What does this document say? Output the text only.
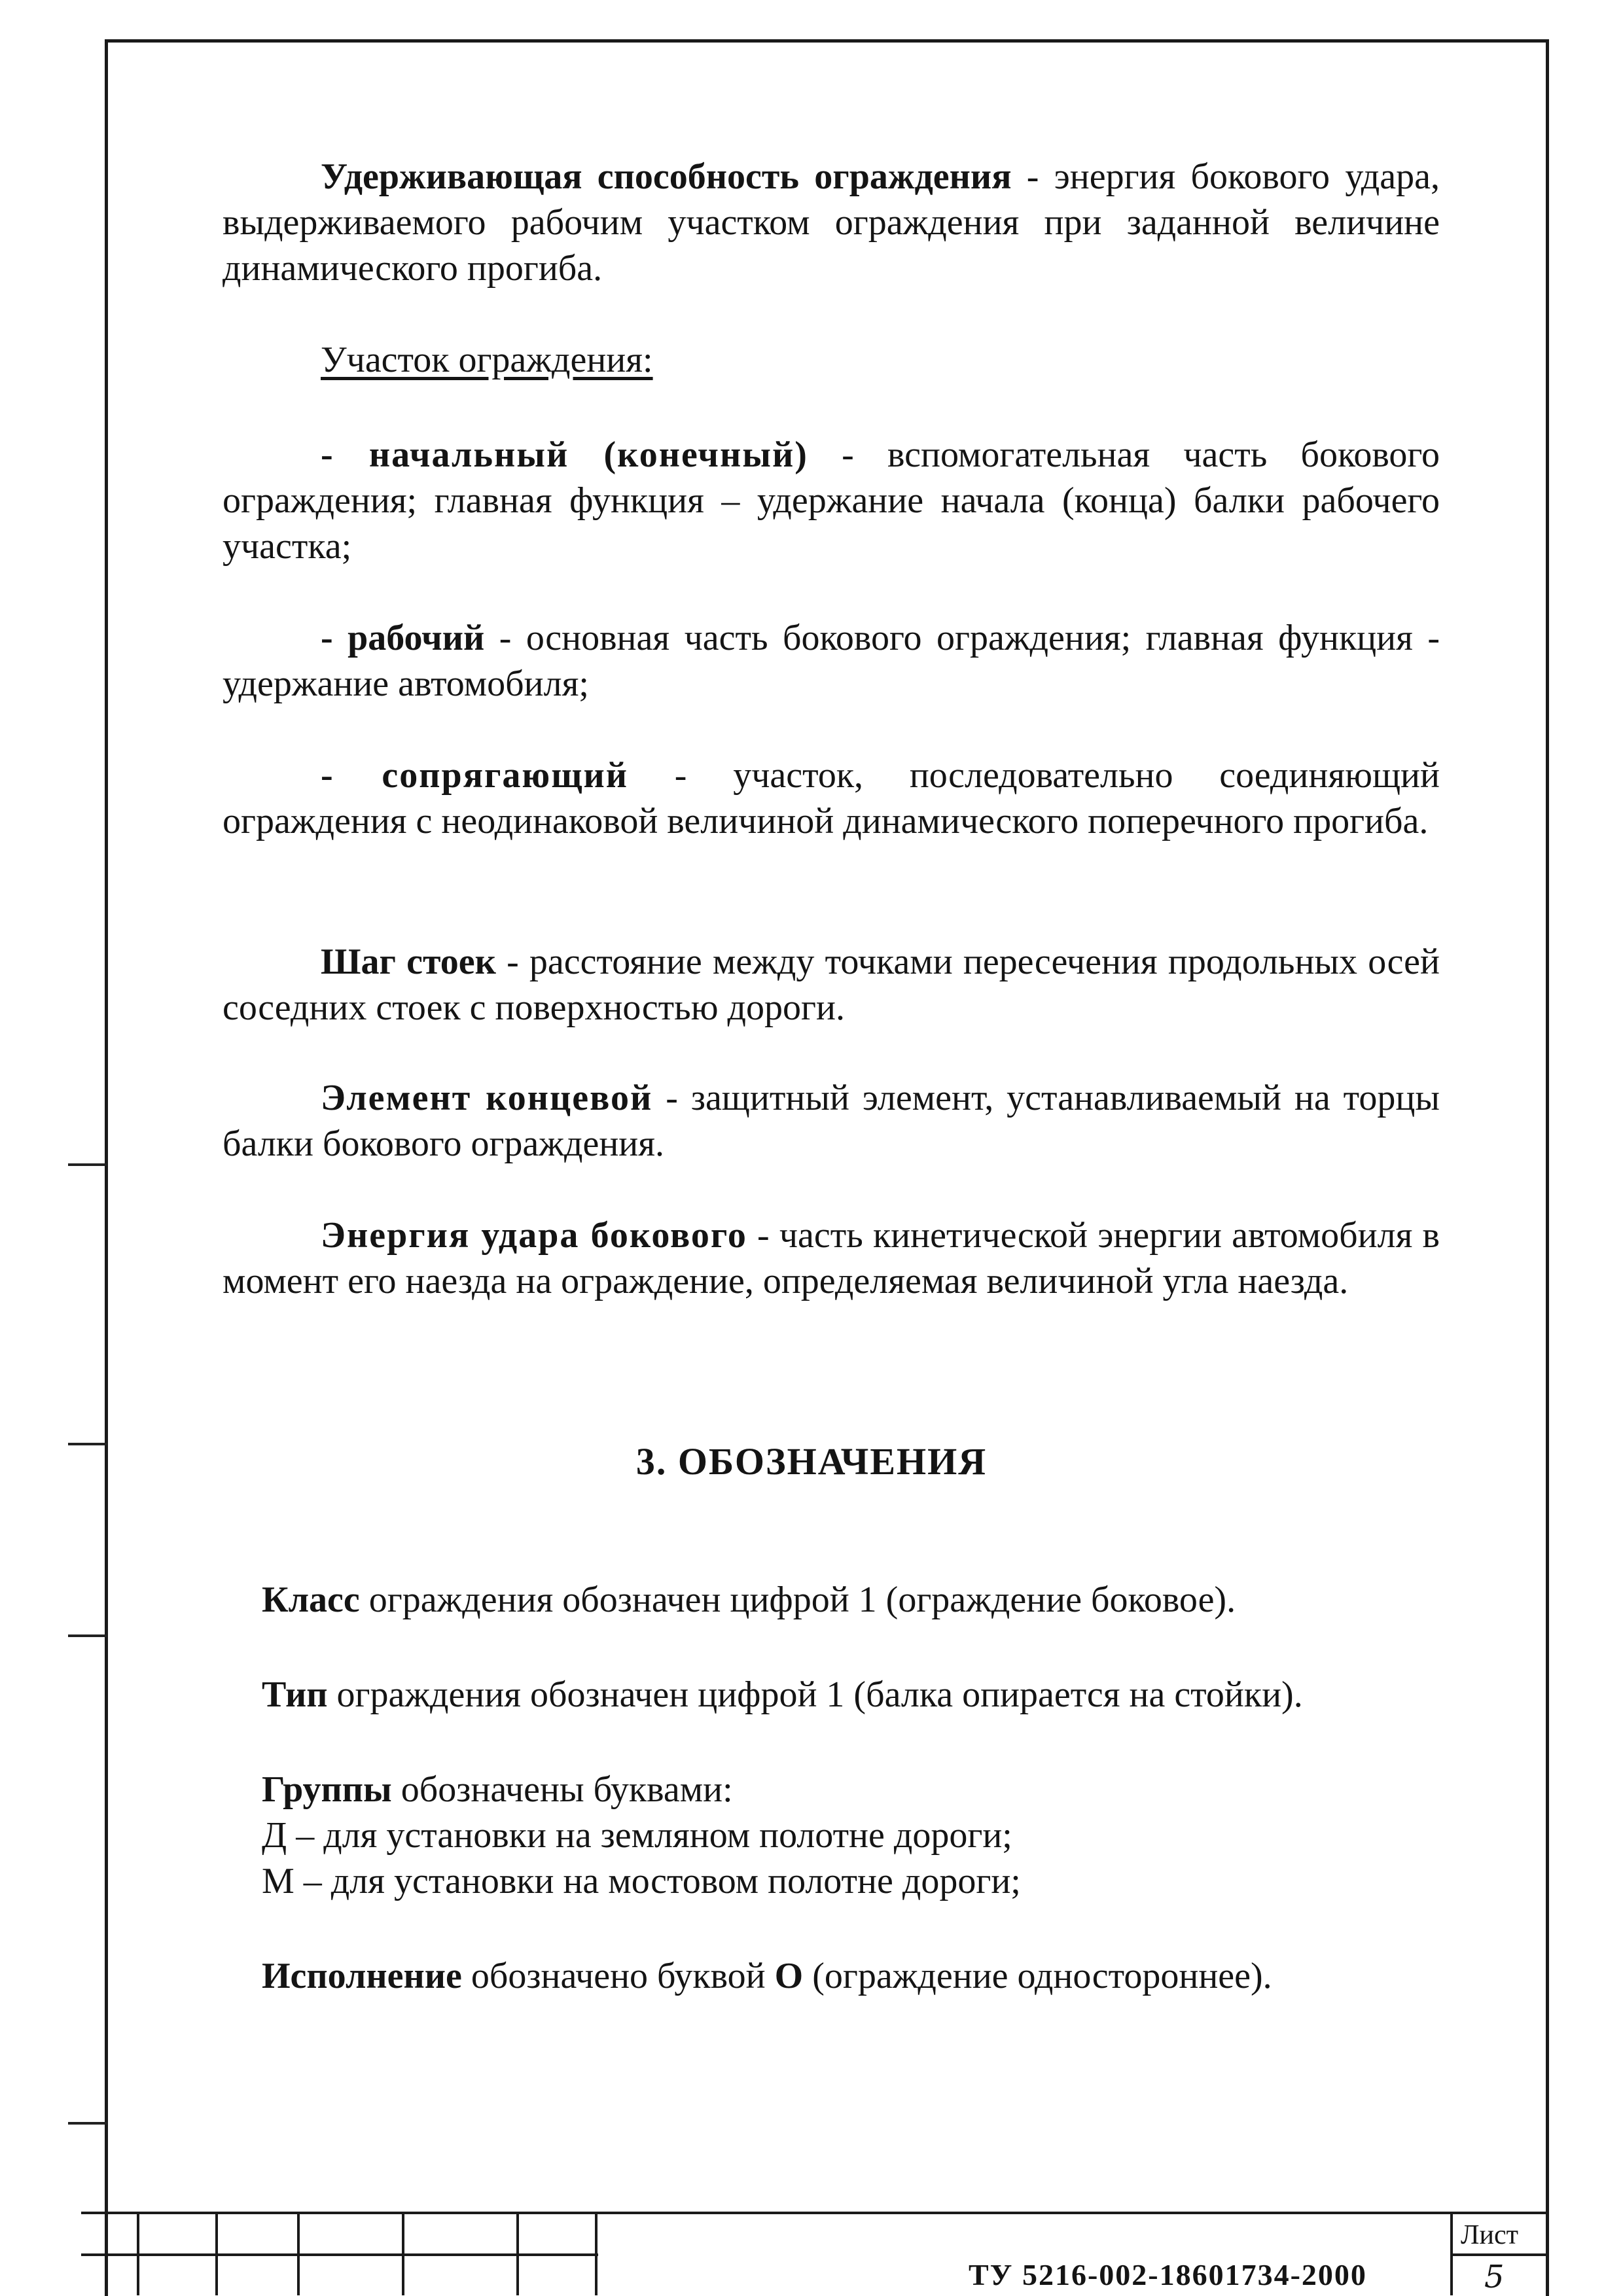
Удерживающая способность ограждения - энергия бокового удара, выдерживаемого рабочим участком ограждения при заданной величине динамического прогиба.

Участок ограждения:

- начальный (конечный) - вспомогательная часть бокового ограждения; главная функция – удержание начала (конца) балки рабочего участка;

- рабочий - основная часть бокового ограждения; главная функция - удержание автомобиля;

- сопрягающий - участок, последовательно соединяющий ограждения с неодинаковой величиной динамического поперечного прогиба.

Шаг стоек - расстояние между точками пересечения продольных осей соседних стоек с поверхностью дороги.

Элемент концевой - защитный элемент, устанавливаемый на торцы балки бокового ограждения.

Энергия удара бокового - часть кинетической энергии автомобиля в момент его наезда на ограждение, определяемая величиной угла наезда.

3. ОБОЗНАЧЕНИЯ

Класс ограждения обозначен цифрой 1 (ограждение боковое).

Тип ограждения обозначен цифрой 1 (балка опирается на стойки).

Группы обозначены буквами:

Д – для установки на земляном полотне дороги;

М – для установки на мостовом полотне дороги;

Исполнение обозначено буквой О (ограждение одностороннее).

ТУ 5216-002-18601734-2000
Лист
5
